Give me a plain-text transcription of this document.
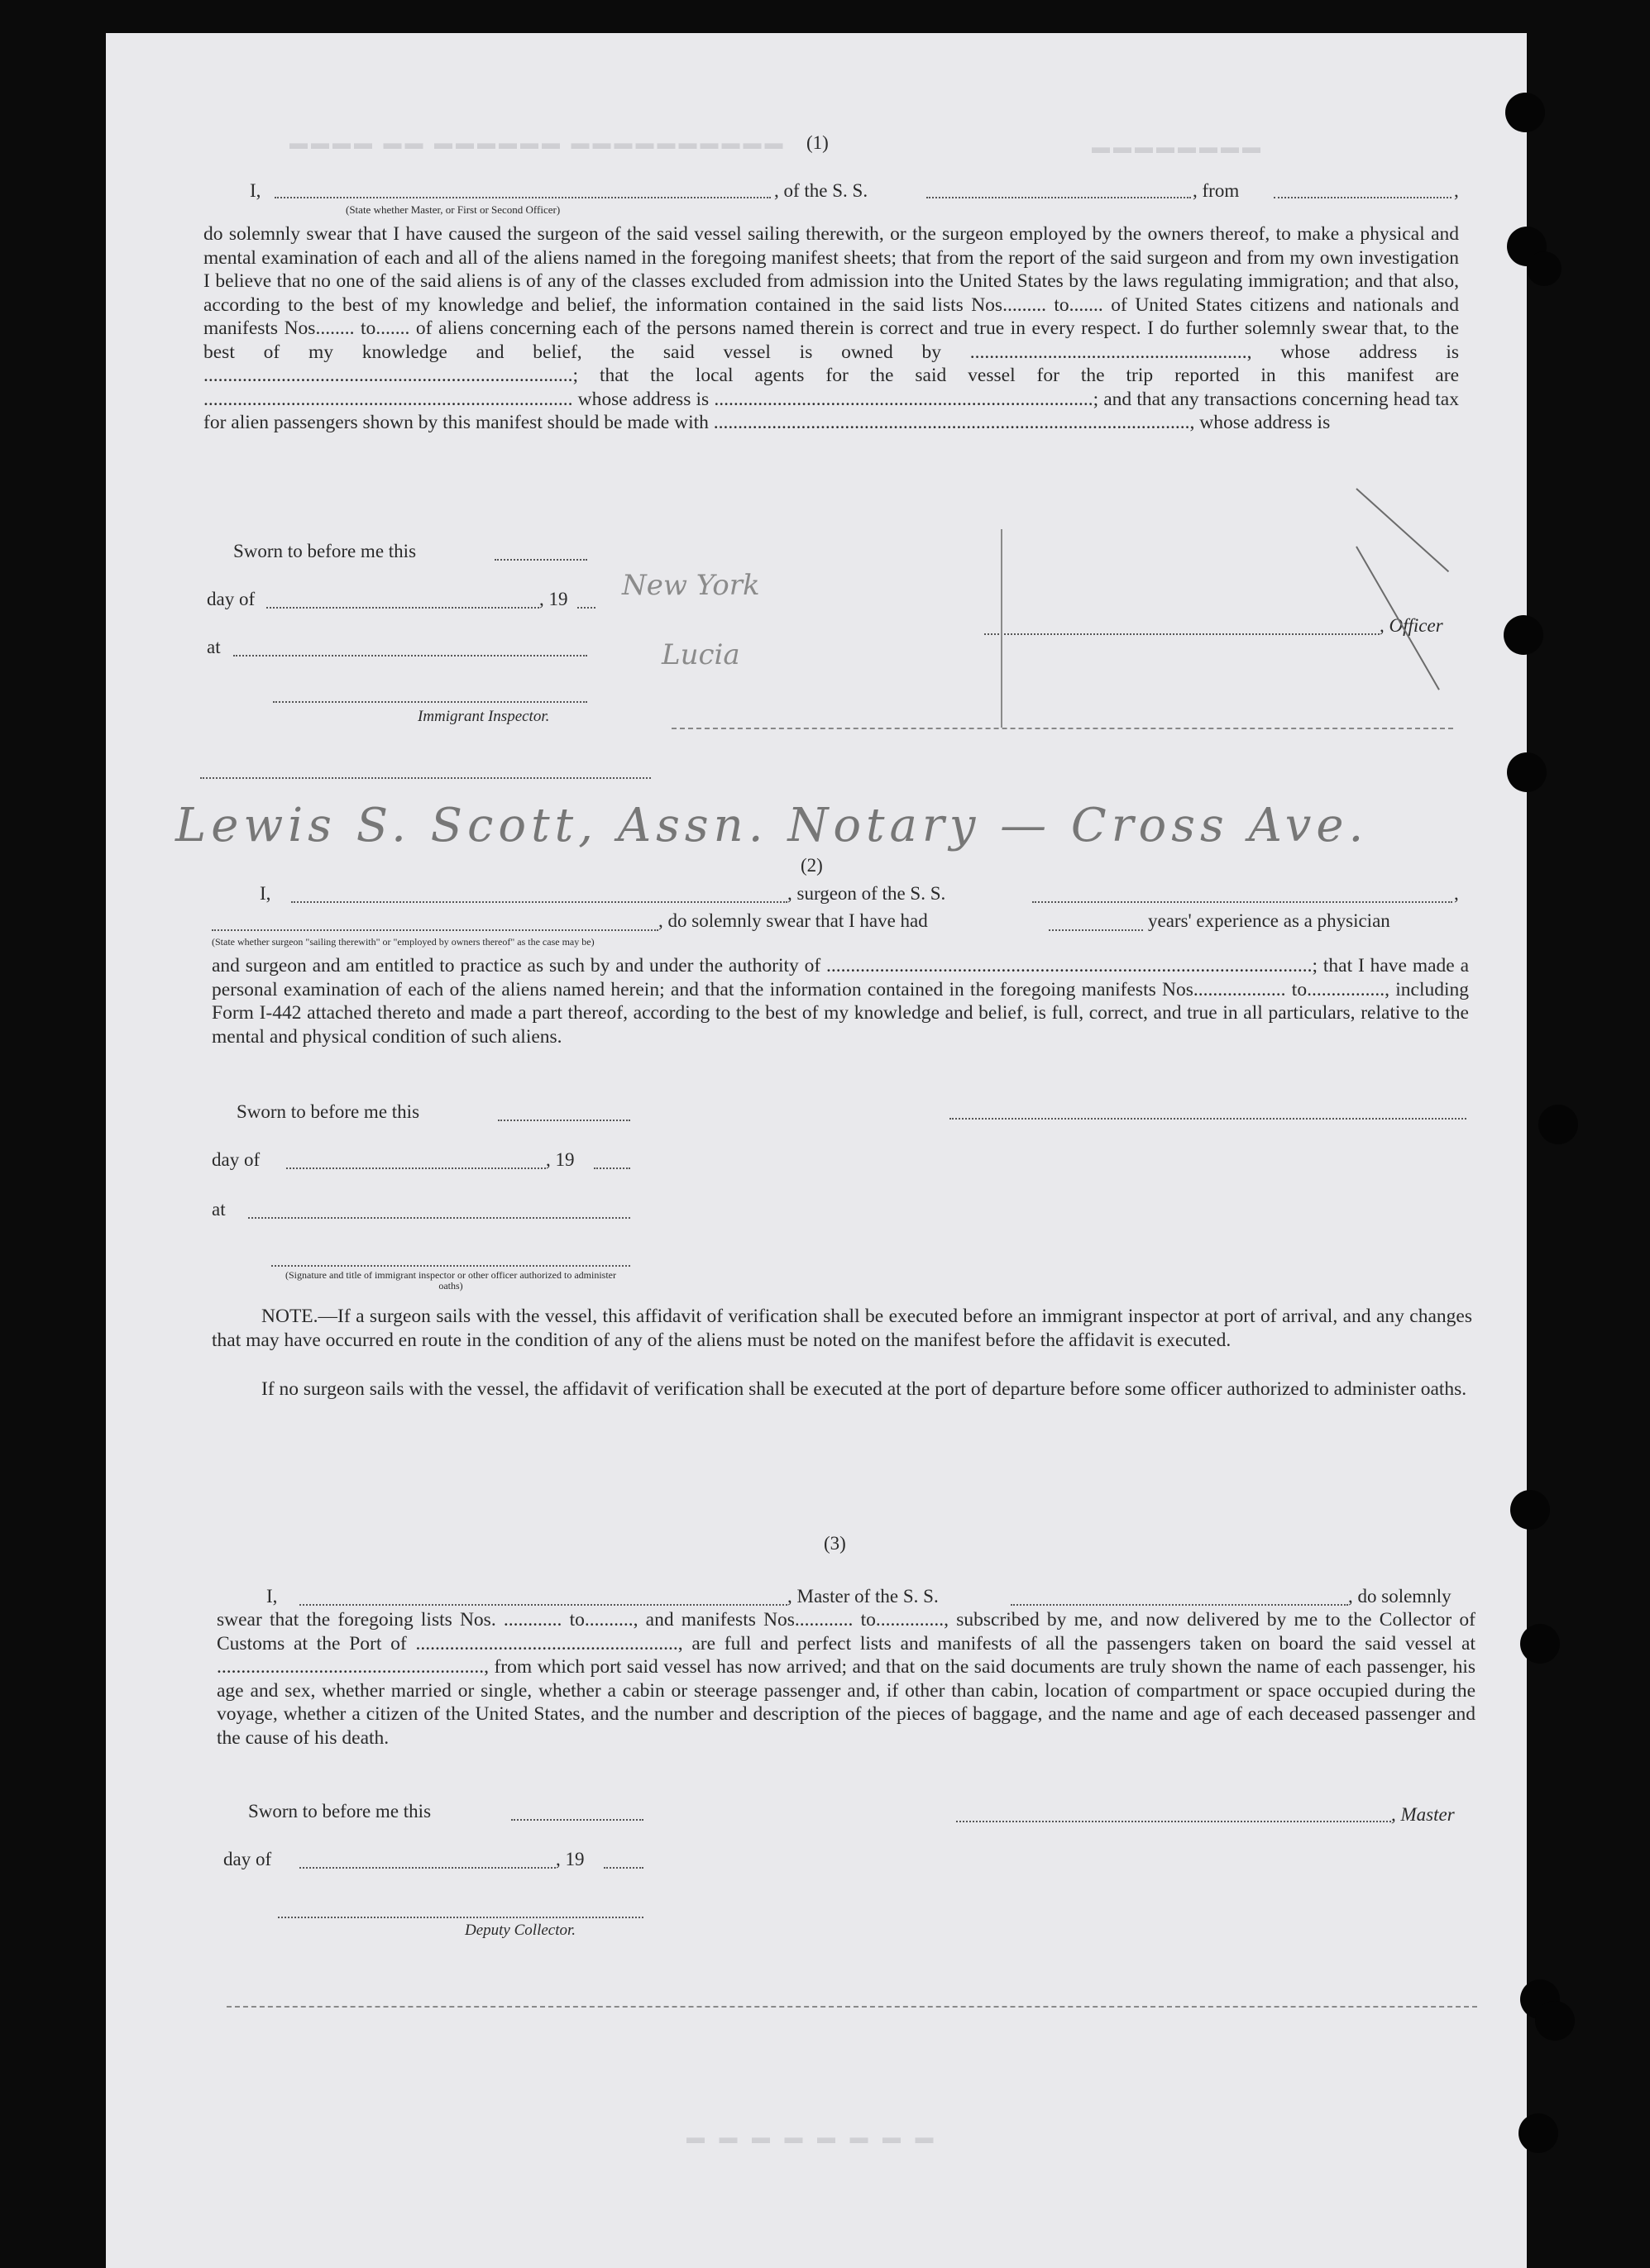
▬▬▬▬ ▬▬ ▬▬▬▬▬▬ ▬▬▬▬▬▬▬▬▬▬	▬▬▬▬▬▬▬▬
▬ ▬ ▬ ▬ ▬ ▬ ▬ ▬
(1)
I,	, of the S. S.	, from	,
(State whether Master, or First or Second Officer)
do solemnly swear that I have caused the surgeon of the said vessel sailing therewith, or the surgeon employed by the owners thereof, to make a physical and mental examination of each and all of the aliens named in the foregoing manifest sheets; that from the report of the said surgeon and from my own investigation I believe that no one of the said aliens is of any of the classes excluded from admission into the United States by the laws regulating immigration; and that also, according to the best of my knowledge and belief, the information contained in the said lists Nos......... to....... of United States citizens and nationals and manifests Nos........ to....... of aliens concerning each of the persons named therein is correct and true in every respect. I do further solemnly swear that, to the best of my knowledge and belief, the said vessel is owned by ........................................................., whose address is ............................................................................; that the local agents for the said vessel for the trip reported in this manifest are ............................................................................ whose address is ..............................................................................; and that any transactions concerning head tax for alien passengers shown by this manifest should be made with .................................................................................................., whose address is
Sworn to before me this
day of	, 19
at
Immigrant Inspector.
, Officer
New York
Lucia
Lewis S. Scott, Assn. Notary — Cross Ave.
(2)
I,	, surgeon of the S. S.	,
, do solemnly swear that I have had	years' experience as a physician
(State whether surgeon "sailing therewith" or "employed by owners thereof" as the case may be)
and surgeon and am entitled to practice as such by and under the authority of ....................................................................................................; that I have made a personal examination of each of the aliens named herein; and that the information contained in the foregoing manifests Nos................... to................, including Form I-442 attached thereto and made a part thereof, according to the best of my knowledge and belief, is full, correct, and true in all particulars, relative to the mental and physical condition of such aliens.
Sworn to before me this
day of	, 19
at
(Signature and title of immigrant inspector or other officer authorized to administer oaths)
NOTE.—If a surgeon sails with the vessel, this affidavit of verification shall be executed before an immigrant inspector at port of arrival, and any changes that may have occurred en route in the condition of any of the aliens must be noted on the manifest before the affidavit is executed.
If no surgeon sails with the vessel, the affidavit of verification shall be executed at the port of departure before some officer authorized to administer oaths.
(3)
I,	, Master of the S. S.	, do solemnly
swear that the foregoing lists Nos. ............ to.........., and manifests Nos............ to.............., subscribed by me, and now delivered by me to the Collector of Customs at the Port of ......................................................, are full and perfect lists and manifests of all the passengers taken on board the said vessel at ......................................................., from which port said vessel has now arrived; and that on the said documents are truly shown the name of each passenger, his age and sex, whether married or single, whether a cabin or steerage passenger and, if other than cabin, location of compartment or space occupied during the voyage, whether a citizen of the United States, and the number and description of the pieces of baggage, and the name and age of each deceased passenger and the cause of his death.
Sworn to before me this	, Master
day of	, 19
Deputy Collector.
